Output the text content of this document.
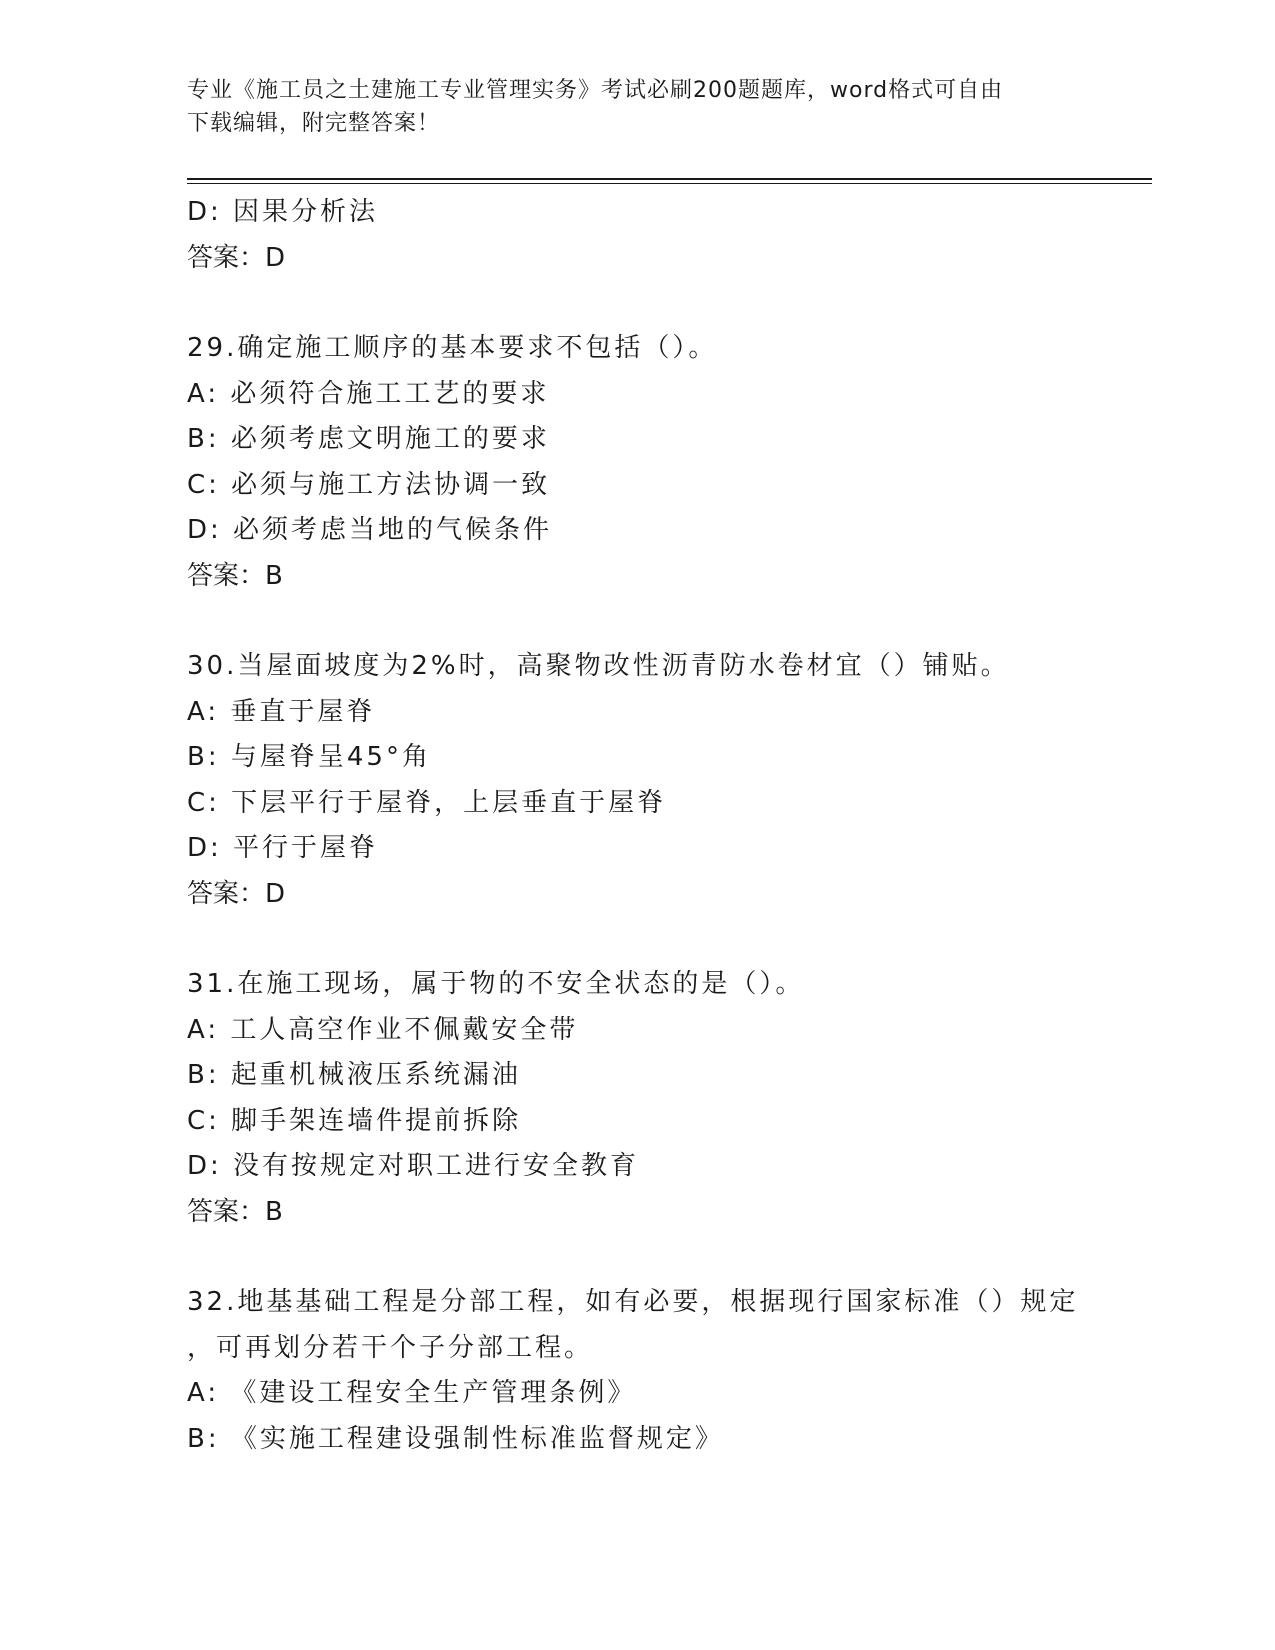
专业《施工员之土建施工专业管理实务》考试必刷200题题库，word格式可自由
下载编辑，附完整答案！
D: 因果分析法
答案：D
29.确定施工顺序的基本要求不包括（）。
A: 必须符合施工工艺的要求
B: 必须考虑文明施工的要求
C: 必须与施工方法协调一致
D: 必须考虑当地的气候条件
答案：B
30.当屋面坡度为2%时，高聚物改性沥青防水卷材宜（）铺贴。
A: 垂直于屋脊
B: 与屋脊呈45°角
C: 下层平行于屋脊，上层垂直于屋脊
D: 平行于屋脊
答案：D
31.在施工现场，属于物的不安全状态的是（）。
A: 工人高空作业不佩戴安全带
B: 起重机械液压系统漏油
C: 脚手架连墙件提前拆除
D: 没有按规定对职工进行安全教育
答案：B
32.地基基础工程是分部工程，如有必要，根据现行国家标准（）规定
，可再划分若干个子分部工程。
A: 《建设工程安全生产管理条例》
B: 《实施工程建设强制性标准监督规定》
